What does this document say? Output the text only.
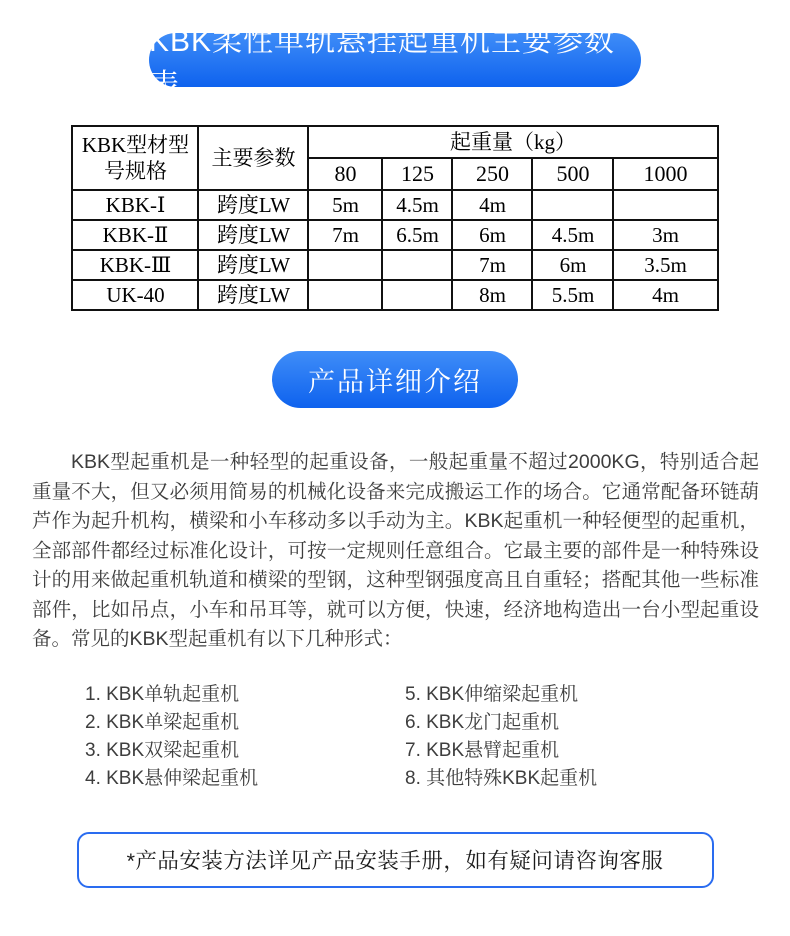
KBK柔性单轨悬挂起重机主要参数表
KBK型材型号规格	主要参数	起重量（kg）				
		80	125	250	500	1000
KBK-Ⅰ	跨度LW	5m	4.5m	4m		
KBK-Ⅱ	跨度LW	7m	6.5m	6m	4.5m	3m
KBK-Ⅲ	跨度LW			7m	6m	3.5m
UK-40	跨度LW			8m	5.5m	4m
产品详细介绍

KBK型起重机是一种轻型的起重设备，一般起重量不超过2000KG，特别适合起重量不大，但又必须用简易的机械化设备来完成搬运工作的场合。它通常配备环链葫芦作为起升机构，横梁和小车移动多以手动为主。KBK起重机一种轻便型的起重机，全部部件都经过标准化设计，可按一定规则任意组合。它最主要的部件是一种特殊设计的用来做起重机轨道和横梁的型钢，这种型钢强度高且自重轻；搭配其他一些标准部件，比如吊点，小车和吊耳等，就可以方便，快速，经济地构造出一台小型起重设备。常见的KBK型起重机有以下几种形式：

1. KBK单轨起重机
2. KBK单梁起重机
3. KBK双梁起重机
4. KBK悬伸梁起重机
5. KBK伸缩梁起重机
6. KBK龙门起重机
7. KBK悬臂起重机
8. 其他特殊KBK起重机
*产品安装方法详见产品安装手册，如有疑问请咨询客服
